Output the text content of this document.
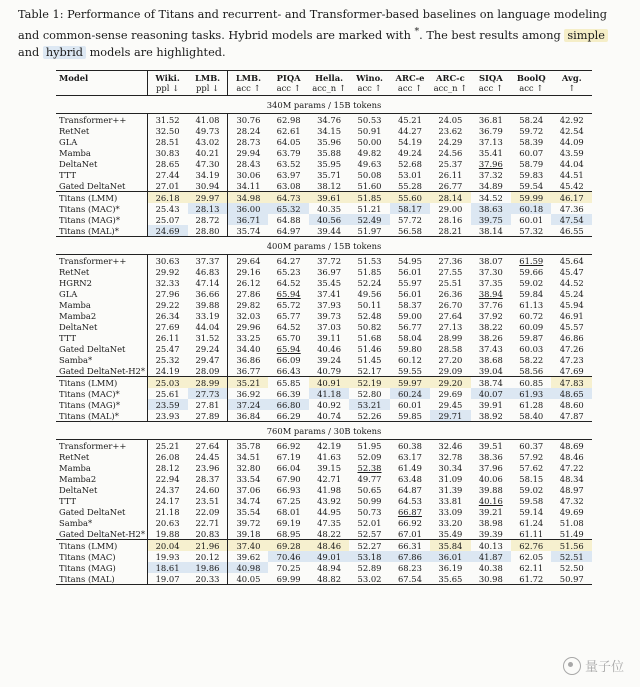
Table 1: Performance of Titans and recurrent- and Transformer-based baselines on language modeling and common-sense reasoning tasks. Hybrid models are marked with *. The best results among simple and hybrid models are highlighted.

Model	Wiki.	LMB.	LMB.	PIQA	Hella.	Wino.	ARC-e	ARC-c	SIQA	BoolQ	Avg.
	ppl ↓	ppl ↓	acc ↑	acc ↑	acc_n ↑	acc ↑	acc ↑	acc_n ↑	acc ↑	acc ↑	↑
340M params / 15B tokens											
Transformer++	31.52	41.08	30.76	62.98	34.76	50.53	45.21	24.05	36.81	58.24	42.92
RetNet	32.50	49.73	28.24	62.61	34.15	50.91	44.27	23.62	36.79	59.72	42.54
GLA	28.51	43.02	28.73	64.05	35.96	50.00	54.19	24.29	37.13	58.39	44.09
Mamba	30.83	40.21	29.94	63.79	35.88	49.82	49.24	24.56	35.41	60.07	43.59
DeltaNet	28.65	47.30	28.43	63.52	35.95	49.63	52.68	25.37	37.96	58.79	44.04
TTT	27.44	34.19	30.06	63.97	35.71	50.08	53.01	26.11	37.32	59.83	44.51
Gated DeltaNet	27.01	30.94	34.11	63.08	38.12	51.60	55.28	26.77	34.89	59.54	45.42
Titans (LMM)	26.18	29.97	34.98	64.73	39.61	51.85	55.60	28.14	34.52	59.99	46.17
Titans (MAC)*	25.43	28.13	36.00	65.32	40.35	51.21	58.17	29.00	38.63	60.18	47.36
Titans (MAG)*	25.07	28.72	36.71	64.88	40.56	52.49	57.72	28.16	39.75	60.01	47.54
Titans (MAL)*	24.69	28.80	35.74	64.97	39.44	51.97	56.58	28.21	38.14	57.32	46.55
400M params / 15B tokens											
Transformer++	30.63	37.37	29.64	64.27	37.72	51.53	54.95	27.36	38.07	61.59	45.64
RetNet	29.92	46.83	29.16	65.23	36.97	51.85	56.01	27.55	37.30	59.66	45.47
HGRN2	32.33	47.14	26.12	64.52	35.45	52.24	55.97	25.51	37.35	59.02	44.52
GLA	27.96	36.66	27.86	65.94	37.41	49.56	56.01	26.36	38.94	59.84	45.24
Mamba	29.22	39.88	29.82	65.72	37.93	50.11	58.37	26.70	37.76	61.13	45.94
Mamba2	26.34	33.19	32.03	65.77	39.73	52.48	59.00	27.64	37.92	60.72	46.91
DeltaNet	27.69	44.04	29.96	64.52	37.03	50.82	56.77	27.13	38.22	60.09	45.57
TTT	26.11	31.52	33.25	65.70	39.11	51.68	58.04	28.99	38.26	59.87	46.86
Gated DeltaNet	25.47	29.24	34.40	65.94	40.46	51.46	59.80	28.58	37.43	60.03	47.26
Samba*	25.32	29.47	36.86	66.09	39.24	51.45	60.12	27.20	38.68	58.22	47.23
Gated DeltaNet-H2*	24.19	28.09	36.77	66.43	40.79	52.17	59.55	29.09	39.04	58.56	47.69
Titans (LMM)	25.03	28.99	35.21	65.85	40.91	52.19	59.97	29.20	38.74	60.85	47.83
Titans (MAC)*	25.61	27.73	36.92	66.39	41.18	52.80	60.24	29.69	40.07	61.93	48.65
Titans (MAG)*	23.59	27.81	37.24	66.80	40.92	53.21	60.01	29.45	39.91	61.28	48.60
Titans (MAL)*	23.93	27.89	36.84	66.29	40.74	52.26	59.85	29.71	38.92	58.40	47.87
760M params / 30B tokens											
Transformer++	25.21	27.64	35.78	66.92	42.19	51.95	60.38	32.46	39.51	60.37	48.69
RetNet	26.08	24.45	34.51	67.19	41.63	52.09	63.17	32.78	38.36	57.92	48.46
Mamba	28.12	23.96	32.80	66.04	39.15	52.38	61.49	30.34	37.96	57.62	47.22
Mamba2	22.94	28.37	33.54	67.90	42.71	49.77	63.48	31.09	40.06	58.15	48.34
DeltaNet	24.37	24.60	37.06	66.93	41.98	50.65	64.87	31.39	39.88	59.02	48.97
TTT	24.17	23.51	34.74	67.25	43.92	50.99	64.53	33.81	40.16	59.58	47.32
Gated DeltaNet	21.18	22.09	35.54	68.01	44.95	50.73	66.87	33.09	39.21	59.14	49.69
Samba*	20.63	22.71	39.72	69.19	47.35	52.01	66.92	33.20	38.98	61.24	51.08
Gated DeltaNet-H2*	19.88	20.83	39.18	68.95	48.22	52.57	67.01	35.49	39.39	61.11	51.49
Titans (LMM)	20.04	21.96	37.40	69.28	48.46	52.27	66.31	35.84	40.13	62.76	51.56
Titans (MAC)	19.93	20.12	39.62	70.46	49.01	53.18	67.86	36.01	41.87	62.05	52.51
Titans (MAG)	18.61	19.86	40.98	70.25	48.94	52.89	68.23	36.19	40.38	62.11	52.50
Titans (MAL)	19.07	20.33	40.05	69.99	48.82	53.02	67.54	35.65	30.98	61.72	50.97
量子位
